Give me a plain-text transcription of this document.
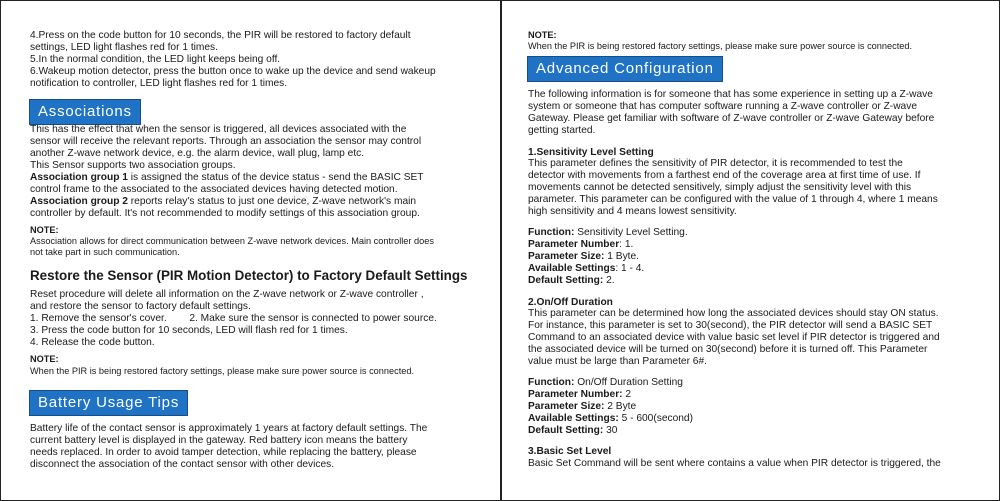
4.Press on the code button for 10 seconds, the PIR will be restored to factory default
settings, LED light flashes red for 1 times.
5.In the normal condition, the LED light keeps being off.
6.Wakeup motion detector, press the button once to wake up the device and send wakeup
notification to controller, LED light flashes red for 1 times.
Associations
This has the effect that when the sensor is triggered, all devices associated with the
sensor will receive the relevant reports. Through an association the sensor may control
another Z-wave network device, e.g. the alarm device, wall plug, lamp etc.
This Sensor supports two association groups.
Association group 1 is assigned the status of the device status - send the BASIC SET
control frame to the associated to the associated devices having detected motion.
Association group 2 reports relay's status to just one device, Z-wave network's main
controller by default. It's not recommended to modify settings of this association group.
NOTE:
Association allows for direct communication between Z-wave network devices. Main controller does
not take part in such communication.
Restore the Sensor (PIR Motion Detector) to Factory Default Settings
Reset procedure will delete all information on the Z-wave network or Z-wave controller ,
and restore the sensor to factory default settings.
1. Remove the sensor's cover.        2. Make sure the sensor is connected to power source.
3. Press the code button for 10 seconds, LED will flash red for 1 times.
4. Release the code button.
NOTE:
When the PIR is being restored factory settings, please make sure power source is connected.
Battery Usage Tips
Battery life of the contact sensor is approximately 1 years at factory default settings. The
current battery level is displayed in the gateway. Red battery icon means the battery
needs replaced. In order to avoid tamper detection, while replacing the battery, please
disconnect the association of the contact sensor with other devices.
NOTE:
When the PIR is being restored factory settings, please make sure power source is connected.
Advanced Configuration
The following information is for someone that has some experience in setting up a Z-wave
system or someone that has computer software running a Z-wave controller or Z-wave
Gateway. Please get familiar with software of Z-wave controller or Z-wave Gateway before
getting started.
1.Sensitivity Level Setting
This parameter defines the sensitivity of PIR detector, it is recommended to test the
detector with movements from a farthest end of the coverage area at first time of use. If
movements cannot be detected sensitively, simply adjust the sensitivity level with this
parameter. This parameter can be configured with the value of 1 through 4, where 1 means
high sensitivity and 4 means lowest sensitivity.
Function: Sensitivity Level Setting.
Parameter Number: 1.
Parameter Size: 1 Byte.
Available Settings: 1 - 4.
Default Setting: 2.
2.On/Off Duration
This parameter can be determined how long the associated devices should stay ON status.
For instance, this parameter is set to 30(second), the PIR detector will send a BASIC SET
Command to an associated device with value basic set level if PIR detector is triggered and
the associated device will be turned on 30(second) before it is turned off. This Parameter
value must be large than Parameter 6#.
Function: On/Off Duration Setting
Parameter Number: 2
Parameter Size: 2 Byte
Available Settings: 5 - 600(second)
Default Setting: 30
3.Basic Set Level
Basic Set Command will be sent where contains a value when PIR detector is triggered, the
